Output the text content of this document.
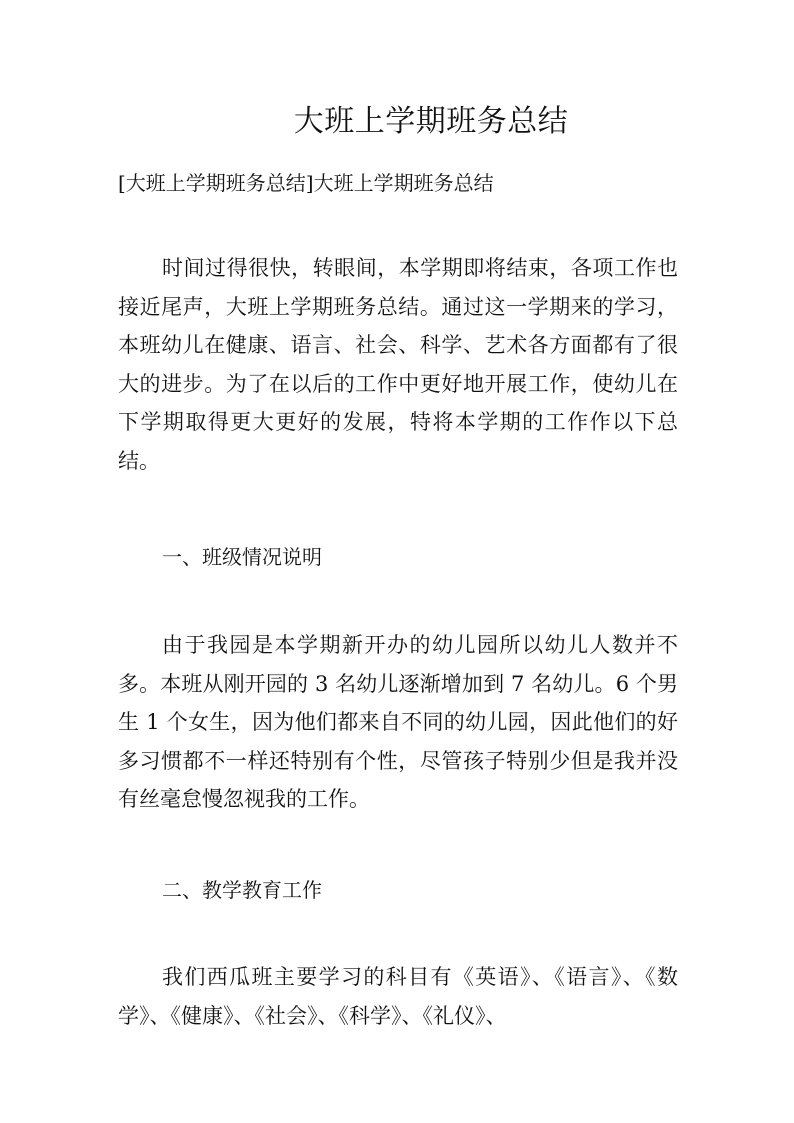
大班上学期班务总结
[大班上学期班务总结]大班上学期班务总结

时间过得很快，转眼间，本学期即将结束，各项工作也接近尾声，大班上学期班务总结。通过这一学期来的学习，本班幼儿在健康、语言、社会、科学、艺术各方面都有了很大的进步。为了在以后的工作中更好地开展工作，使幼儿在下学期取得更大更好的发展，特将本学期的工作作以下总结。

一、班级情况说明

由于我园是本学期新开办的幼儿园所以幼儿人数并不多。本班从刚开园的 3 名幼儿逐渐增加到 7 名幼儿。6 个男生 1 个女生，因为他们都来自不同的幼儿园，因此他们的好多习惯都不一样还特别有个性，尽管孩子特别少但是我并没有丝毫怠慢忽视我的工作。

二、教学教育工作

我们西瓜班主要学习的科目有《英语》、《语言》、《数学》、《健康》、《社会》、《科学》、《礼仪》、
